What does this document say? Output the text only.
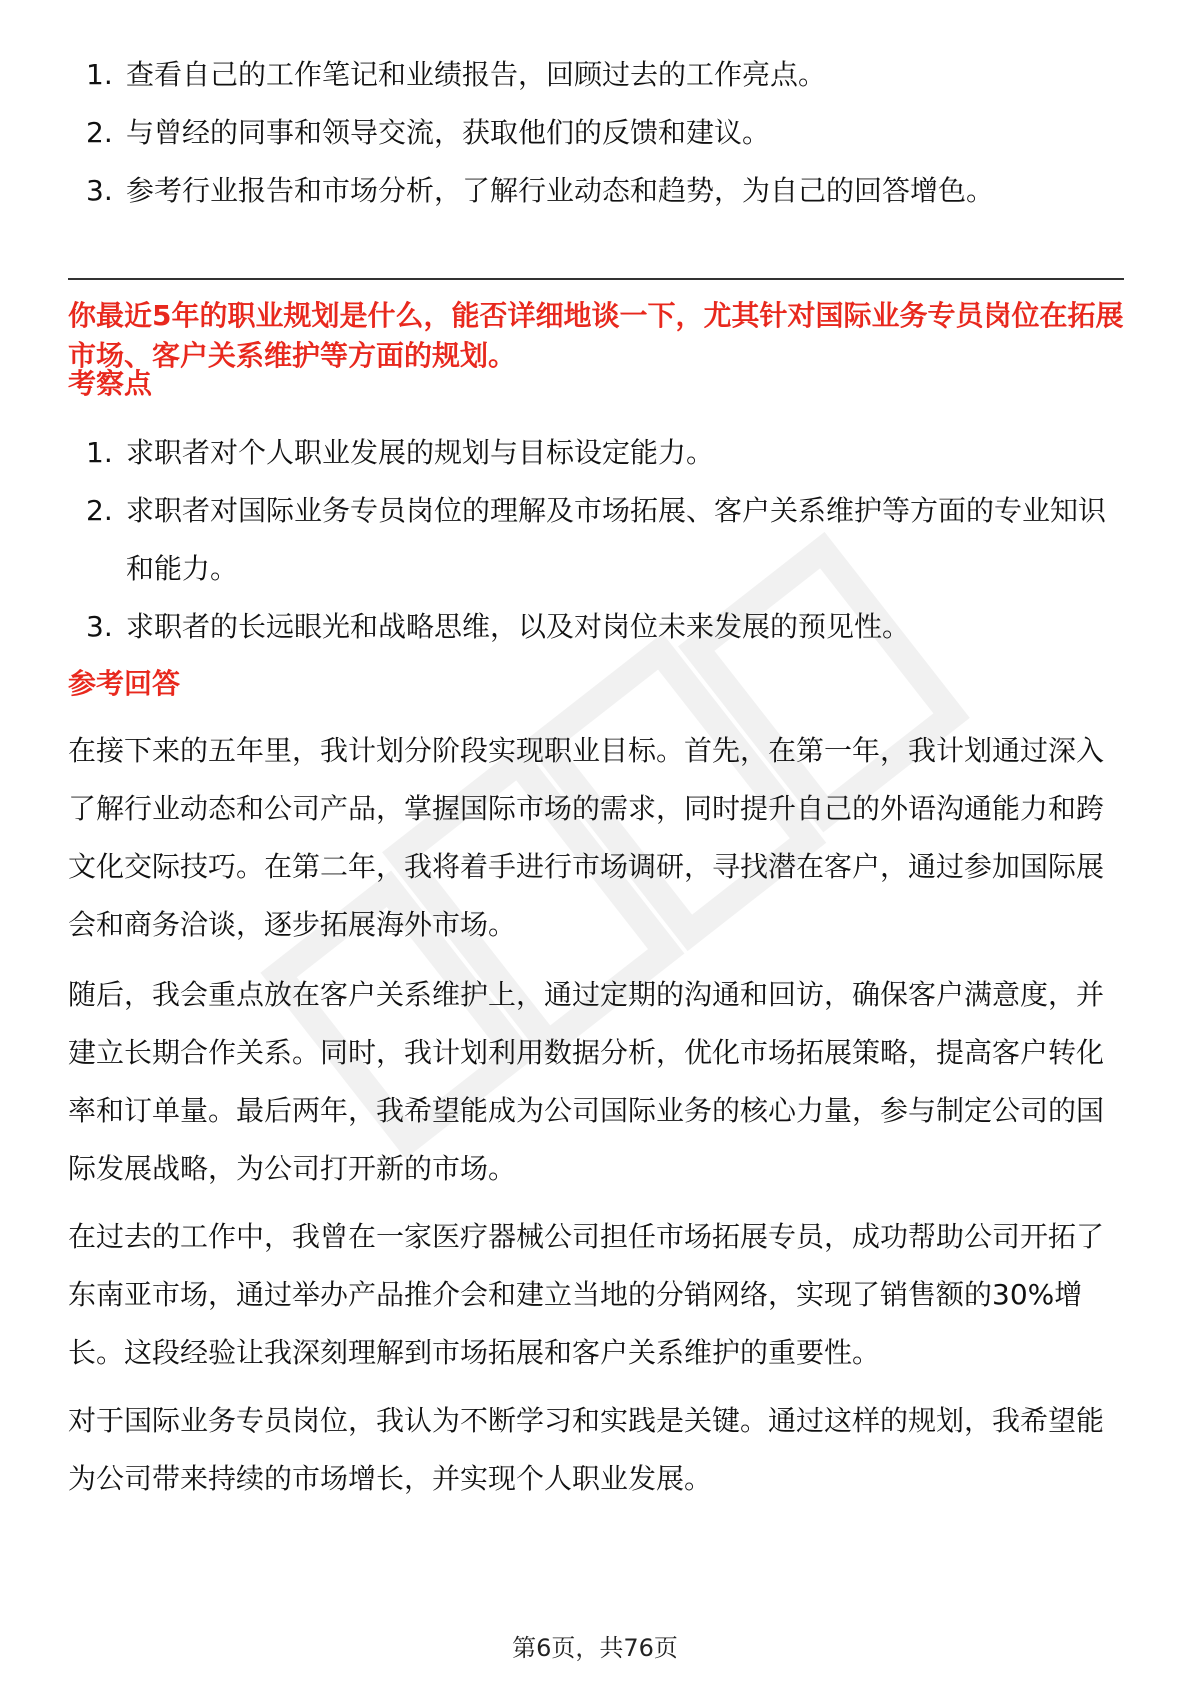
1. 查看自己的工作笔记和业绩报告，回顾过去的工作亮点。
2. 与曾经的同事和领导交流，获取他们的反馈和建议。
3. 参考行业报告和市场分析，了解行业动态和趋势，为自己的回答增色。
你最近5年的职业规划是什么，能否详细地谈一下，尤其针对国际业务专员岗位在拓展市场、客户关系维护等方面的规划。
考察点
1. 求职者对个人职业发展的规划与目标设定能力。
2. 求职者对国际业务专员岗位的理解及市场拓展、客户关系维护等方面的专业知识和能力。
3. 求职者的长远眼光和战略思维，以及对岗位未来发展的预见性。
参考回答

在接下来的五年里，我计划分阶段实现职业目标。首先，在第一年，我计划通过深入了解行业动态和公司产品，掌握国际市场的需求，同时提升自己的外语沟通能力和跨文化交际技巧。在第二年，我将着手进行市场调研，寻找潜在客户，通过参加国际展会和商务洽谈，逐步拓展海外市场。

随后，我会重点放在客户关系维护上，通过定期的沟通和回访，确保客户满意度，并建立长期合作关系。同时，我计划利用数据分析，优化市场拓展策略，提高客户转化率和订单量。最后两年，我希望能成为公司国际业务的核心力量，参与制定公司的国际发展战略，为公司打开新的市场。

在过去的工作中，我曾在一家医疗器械公司担任市场拓展专员，成功帮助公司开拓了东南亚市场，通过举办产品推介会和建立当地的分销网络，实现了销售额的30%增长。这段经验让我深刻理解到市场拓展和客户关系维护的重要性。

对于国际业务专员岗位，我认为不断学习和实践是关键。通过这样的规划，我希望能为公司带来持续的市场增长，并实现个人职业发展。

第6页，共76页
